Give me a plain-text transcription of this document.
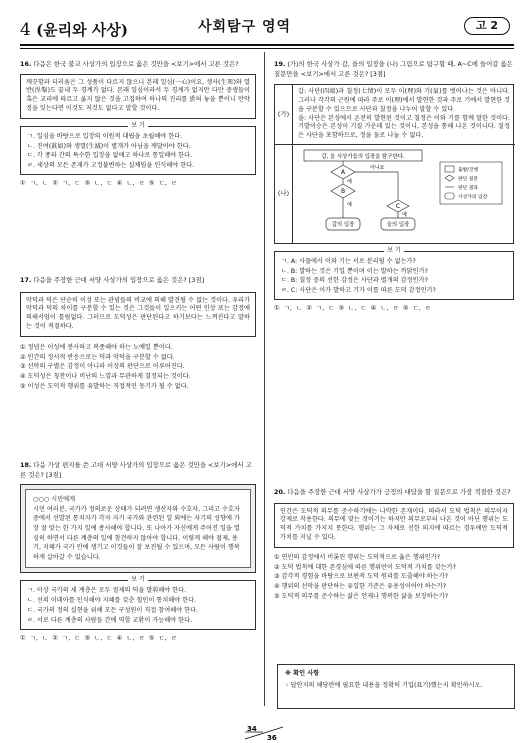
4 (윤리와 사상)	사회탐구 영역	고 2
16. 다음은 한국 불교 사상가의 입장으로 옳은 것만을 <보기>에서 고른 것은?
깨끗함과 더러움은 그 성품이 다르지 않으니 본래 일심(一心)이요, 생사(生死)와 열반(涅槃)도 끝내 두 경계가 없다. 본래 일심이라서 두 경계가 없지만 다만 중생들이 혹은 교리에 따르고 옳지 않은 것을 고집하여 하나의 진리를 밝혀 놓을 뿐이니 만약 정을 잊는다면 이것도 저것도 없다고 말할 것이다.
보 기
ㄱ. 일심을 바탕으로 입장의 이원적 대립을 초월해야 한다.
ㄴ. 진여(眞如)와 생멸(生滅)이 별개가 아님을 깨달아야 한다.
ㄷ. 각 종파 간의 특수한 입장을 없애고 하나로 통일해야 한다.
ㄹ. 세상의 모든 존재가 고정불변하는 실체임을 인식해야 한다.
① ㄱ, ㄴ ② ㄱ, ㄷ ③ ㄴ, ㄷ ④ ㄴ, ㄹ ⑤ ㄷ, ㄹ
17. 다음을 주장한 근대 서양 사상가의 입장으로 옳은 것은? [3점]
악덕과 덕은 단순히 이성 또는 관념들의 비교에 의해 발견될 수 없는 것이다. 우리가 악덕과 덕의 차이를 구분할 수 있는 것은 그것들이 일으키는 어떤 인상 또는 감정에 의해서임이 틀림없다. 그러므로 도덕성은 판단된다고 하기보다는 느껴진다고 말하는 것이 적절하다.
① 정념은 이성에 봉사하고 복종해야 하는 노예일 뿐이다.
② 인간의 정서적 반응으로는 덕과 악덕을 구분할 수 없다.
③ 선악의 구별은 감정이 아니라 이성의 판단으로 이루어진다.
④ 도덕성은 칭찬이나 비난의 느낌과 무관하게 결정되는 것이다.
⑤ 이성은 도덕적 행위를 유발하는 직접적인 동기가 될 수 없다.
18. 다음 가상 편지를 쓴 고대 서양 사상가의 입장으로 옳은 것만을 <보기>에서 고른 것은? [3점]
○○○ 시민에게
시민 여러분, 국가가 정의로운 상태가 되려면 생산자와 수호자, 그리고 수호자 중에서 선발된 통치자가 각자 자기 국가와 관련된 일 외에는 자기의 성향에 가장 잘 맞는 한 가지 일에 종사해야 합니다. 또 나아가 자신에게 주어진 일을 열심히 하면서 다른 계층의 일에 참견하지 않아야 합니다. 이렇게 해야 절제, 용기, 지혜가 국가 안에 생기고 이것들이 잘 보전될 수 있으며, 모든 사람이 행복하게 살아갈 수 있습니다.
보 기
ㄱ. 이상 국가의 세 계층은 모두 절제의 덕을 발휘해야 한다.
ㄴ. 선의 이데아를 인식해야 지혜를 갖춘 철인이 통치해야 한다.
ㄷ. 국가의 정의 실현을 위해 모든 구성원이 직접 참여해야 한다.
ㄹ. 서로 다른 계층의 사람들 간에 역할 교환이 가능해야 한다.
① ㄱ, ㄴ ② ㄱ, ㄷ ③ ㄴ, ㄷ ④ ㄴ, ㄹ ⑤ ㄷ, ㄹ
19. (가)의 한국 사상가 갑, 을의 입장을 (나) 그림으로 탐구할 때, A~C에 들어갈 옳은 질문만을 <보기>에서 고른 것은? [3점]
(가)
갑: 사단(四端)과 칠정(七情)이 모두 이(理)와 기(氣)를 벗어나는 것은 아니다. 그러나 각각의 근원에 따라 주로 이(理)에서 발현한 것과 주로 기에서 발현한 것을 구분할 수 있으므로 사단과 칠정을 나누어 말할 수 있다.
을: 사단은 본성에서 온전히 발현된 것이고 칠정은 이와 기를 함께 말한 것이다. 기발이승은 본성이 기질 가운데 있는 것이니, 본성을 통해 나온 것이니다. 칠정은 사단을 포함하므로, 정을 둘로 나눌 수 없다.
(나)
갑, 을 사상가들의 입장을 탐구한다.
A
예
B
아니요
C
예
예
갑의 입장	을의 입장
출발/진행
판단 질문
판단 결과
사상가의 입장
보 기
ㄱ. A: 사물에서 이와 기는 서로 분리될 수 없는가?
ㄴ. B: 발하는 것은 기일 뿐이며 이는 발하는 까닭인가?
ㄷ. B: 칠정 중의 선한 감정은 사단과 별개의 감정인가?
ㄹ. C: 사단은 이가 발하고 기가 이를 따른 도덕 감정인가?
① ㄱ, ㄴ ② ㄱ, ㄷ ③ ㄴ, ㄷ ④ ㄴ, ㄹ ⑤ ㄷ, ㄹ
20. 다음을 주장한 근대 서양 사상가가 긍정의 대답을 할 질문으로 가장 적절한 것은?
인간은 도덕적 의무를 준수하기에는 나약한 존재이다. 따라서 도덕 법칙은 의무이자 강제로 작용한다. 의무에 맞는 것이기는 하지만 의무로부터 나온 것이 아닌 행위는 도덕적 가치를 가지지 못한다. 행위는 그 자체로 선한 의지에 따르는 경우에만 도덕적 가치를 지닐 수 있다.
① 연민의 감정에서 비롯된 행위는 도덕적으로 옳은 행위인가?
② 도덕 법칙에 대한 존경심에 따른 행위만이 도덕적 가치를 갖는가?
③ 감각적 경험을 바탕으로 보편적 도덕 원리를 도출해야 하는가?
④ 행위의 선악을 판단하는 유일한 기준은 유용성이어야 하는가?
⑤ 도덕적 의무를 준수하는 삶은 언제나 행복한 삶을 보장하는가?
※ 확인 사항
◦ 답안지의 해당란에 필요한 내용을 정확히 기입(표기)했는지 확인하시오.
34
36
